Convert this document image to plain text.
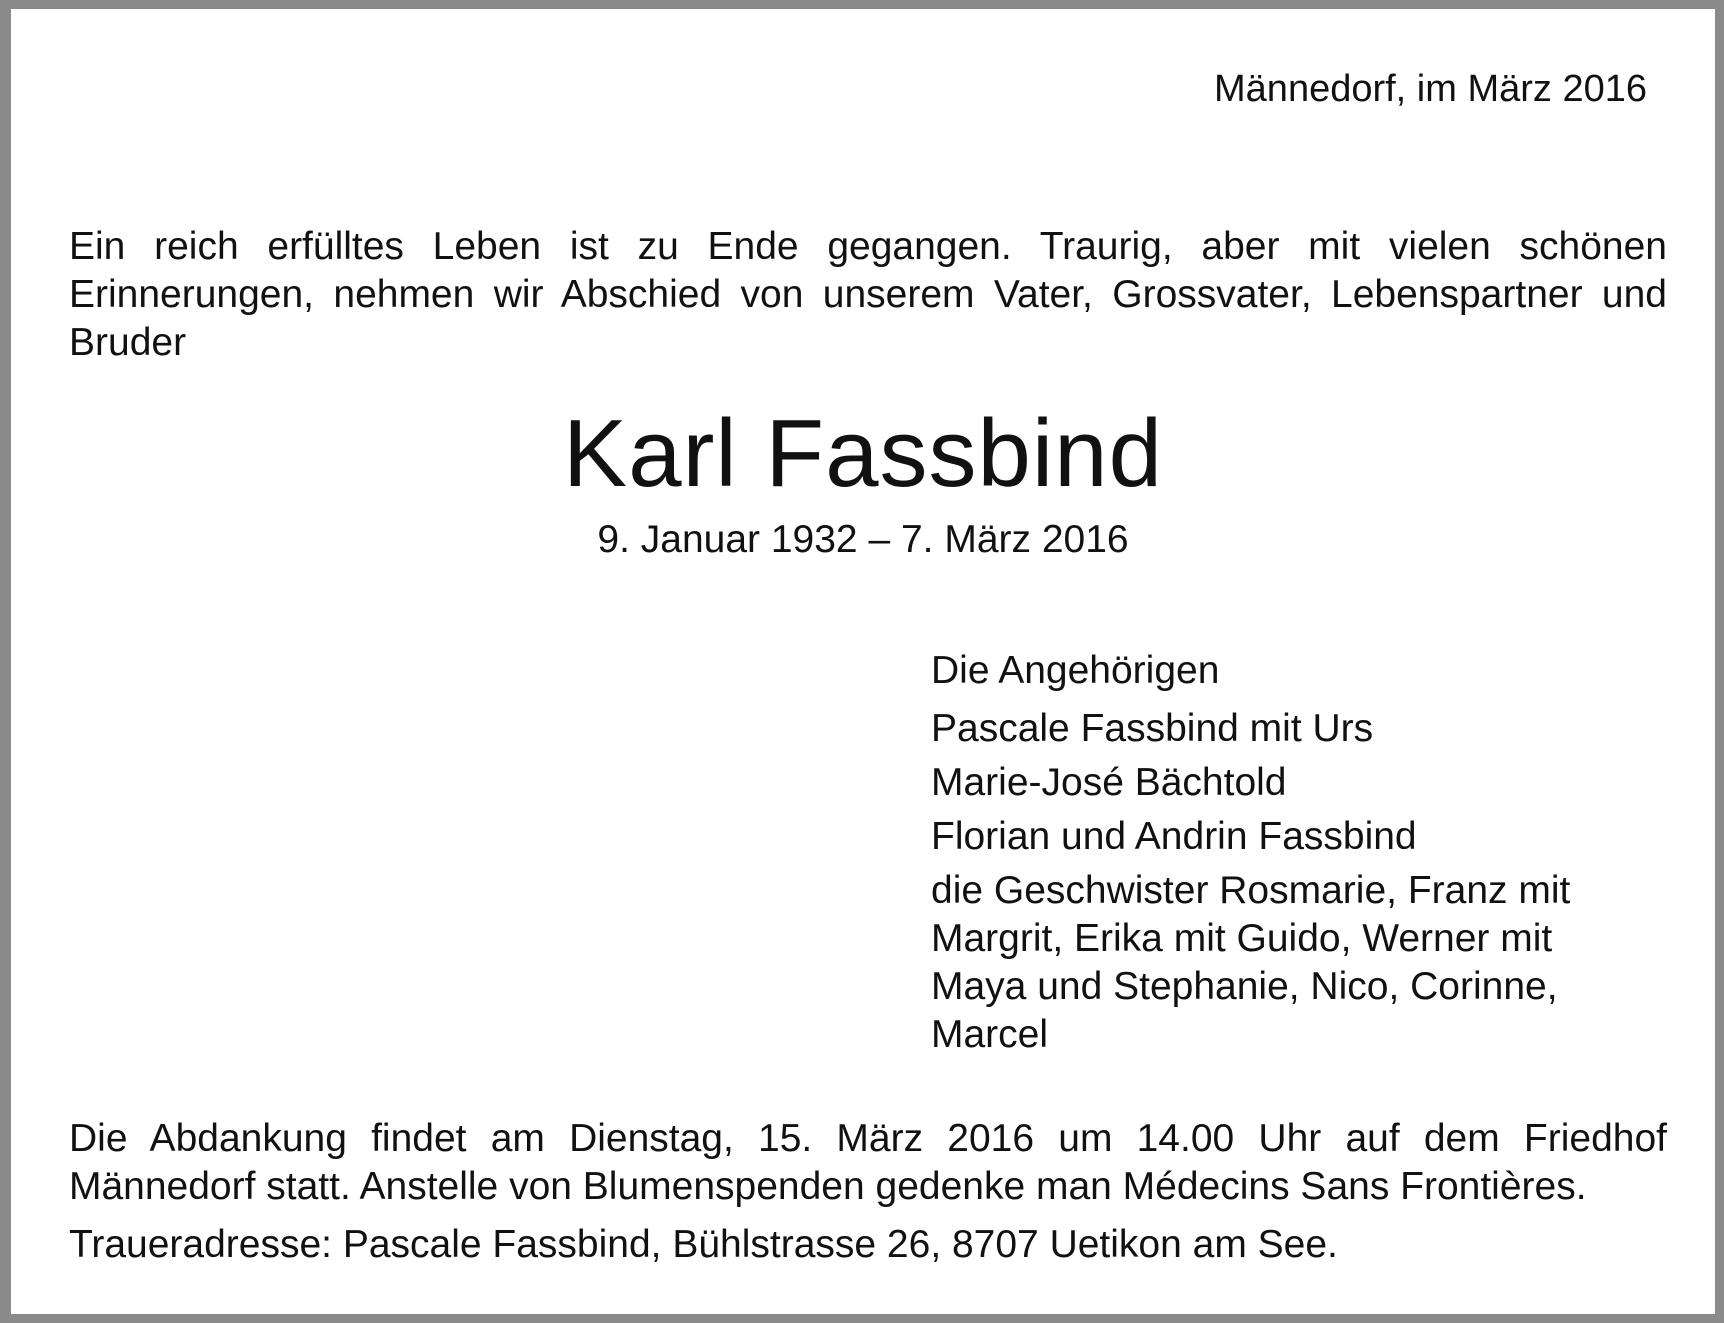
Männedorf, im März 2016
Ein reich erfülltes Leben ist zu Ende gegangen. Traurig, aber mit vielen schönen Erinnerungen, nehmen wir Abschied von unserem Vater, Grossvater, Lebenspartner und Bruder
Karl Fassbind
9. Januar 1932 – 7. März 2016
Die Angehörigen
Pascale Fassbind mit Urs
Marie-José Bächtold
Florian und Andrin Fassbind
die Geschwister Rosmarie, Franz mit Margrit, Erika mit Guido, Werner mit Maya und Stephanie, Nico, Corinne, Marcel
Die Abdankung findet am Dienstag, 15. März 2016 um 14.00 Uhr auf dem Friedhof Männedorf statt. Anstelle von Blumenspenden gedenke man Médecins Sans Frontières.
Traueradresse: Pascale Fassbind, Bühlstrasse 26, 8707 Uetikon am See.
